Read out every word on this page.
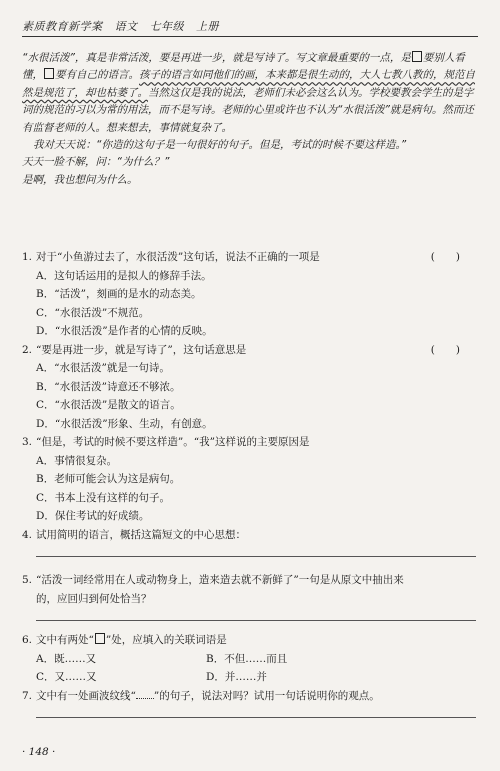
素质教育新学案 语文 七年级 上册

“水很活泼”，真是非常活泼，要是再进一步，就是写诗了。写文章最重要的一点，是 要别人看懂， 要有自己的语言。孩子的语言如同他们的画，本来都是很生动的，大人七教八教的，规范自然是规范了，却也枯萎了。当然这仅是我的说法，老师们未必会这么认为。学校要教会学生的是字词的规范的习以为常的用法，而不是写诗。老师的心里或许也不认为“水很活泼”就是病句。然而还有监督老师的人。想来想去，事情就复杂了。

我对天天说：“你造的这句子是一句很好的句子。但是，考试的时候不要这样造。”

天天一脸不解，问：“为什么？”

是啊，我也想问为什么。

1. 对于“小鱼游过去了，水很活泼”这句话，说法不正确的一项是	(　　)
A．这句话运用的是拟人的修辞手法。
B．“活泼”，刻画的是水的动态美。
C．“水很活泼”不规范。
D．“水很活泼”是作者的心情的反映。
2. “要是再进一步，就是写诗了”，这句话意思是	(　　)
A．“水很活泼”就是一句诗。
B．“水很活泼”诗意还不够浓。
C．“水很活泼”是散文的语言。
D．“水很活泼”形象、生动，有创意。
3. “但是，考试的时候不要这样造”。“我”这样说的主要原因是
A．事情很复杂。
B．老师可能会认为这是病句。
C．书本上没有这样的句子。
D．保住考试的好成绩。
4. 试用简明的语言，概括这篇短文的中心思想：
5. “活泼一词经常用在人或动物身上，造来造去就不新鲜了”一句是从原文中抽出来
的，应回归到何处恰当？
6. 文中有两处“ ”处，应填入的关联词语是
A．既……又	B．不但……而且
C．又……又	D．并……并
7. 文中有一处画波纹线“ ”的句子，说法对吗？试用一句话说明你的观点。
· 148 ·
